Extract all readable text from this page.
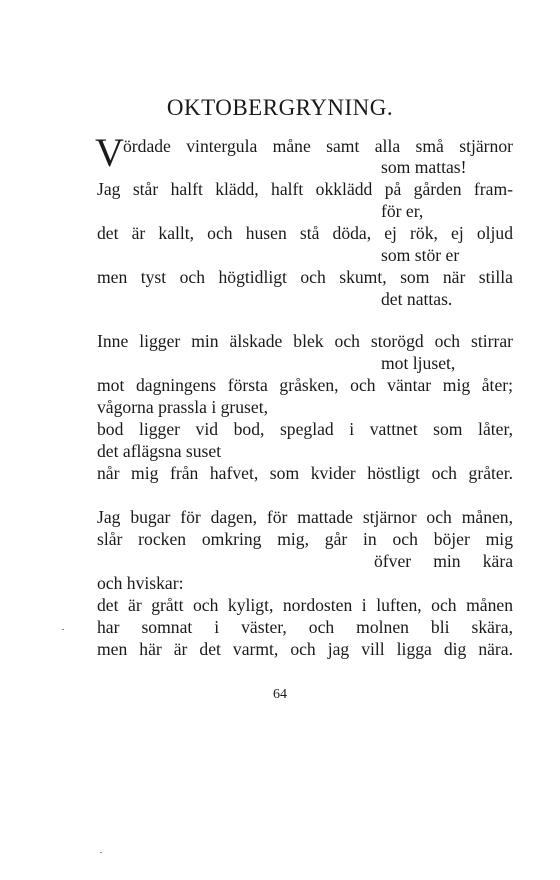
OKTOBERGRYNING.
V ördade vintergula måne samt alla små stjärnor
som mattas!
Jag står halft klädd, halft okklädd på gården fram-
för er,
det är kallt, och husen stå döda, ej rök, ej oljud
som stör er
men tyst och högtidligt och skumt, som när stilla
det nattas.
Inne ligger min älskade blek och storögd och stirrar
mot ljuset,
mot dagningens första gråsken, och väntar mig åter;
vågorna prassla i gruset,
bod ligger vid bod, speglad i vattnet som låter,
det aflägsna suset
når mig från hafvet, som kvider höstligt och gråter.
Jag bugar för dagen, för mattade stjärnor och månen,
slår rocken omkring mig, går in och böjer mig
öfver min kära
och hviskar:
det är grått och kyligt, nordosten i luften, och månen
har somnat i väster, och molnen bli skära,
men här är det varmt, och jag vill ligga dig nära.
64
